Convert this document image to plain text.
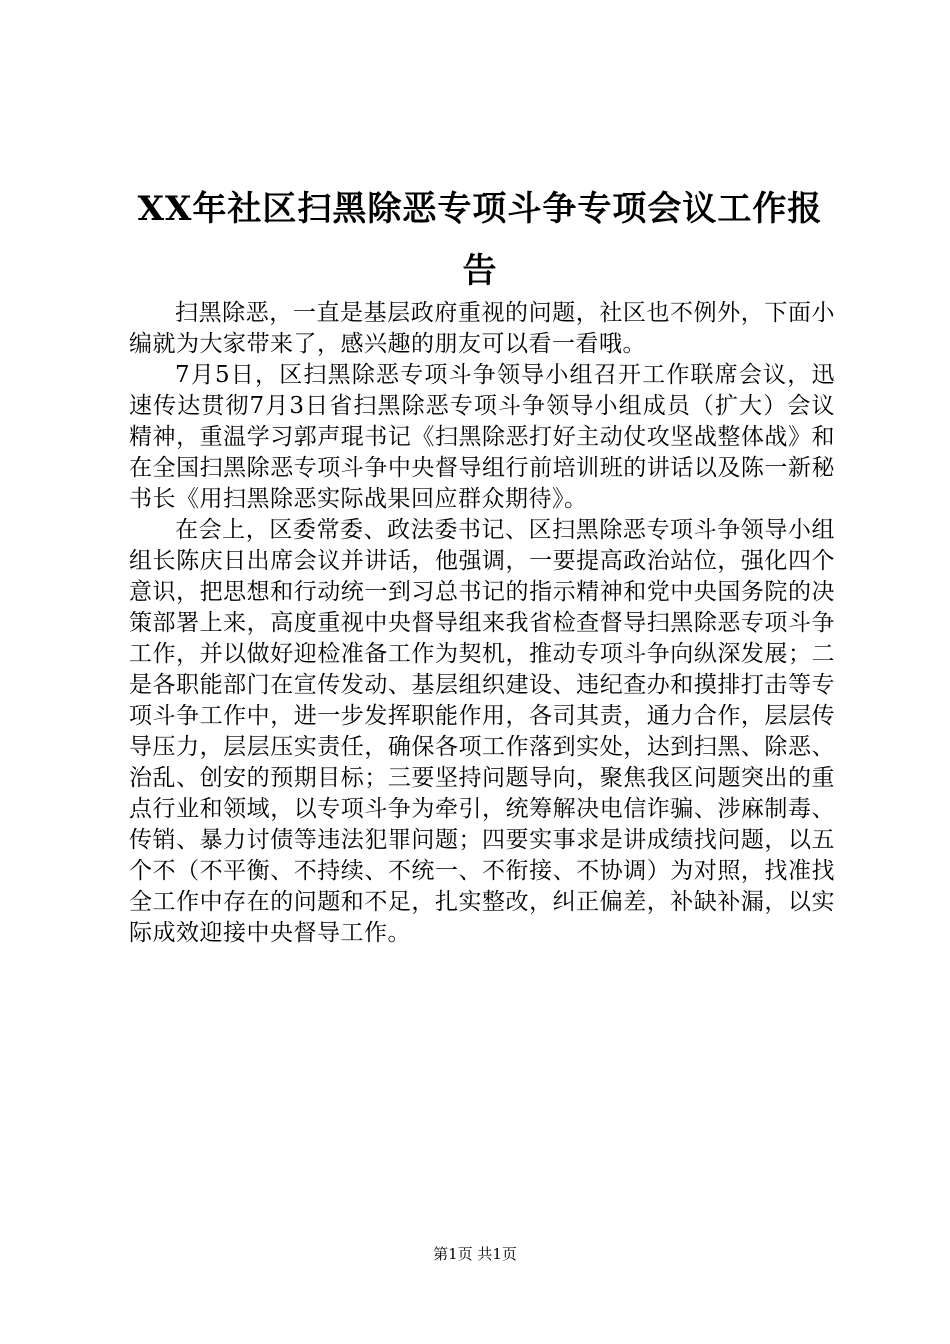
XX年社区扫黑除恶专项斗争专项会议工作报告

扫黑除恶，一直是基层政府重视的问题，社区也不例外，下面小编就为大家带来了，感兴趣的朋友可以看一看哦。

7月5日，区扫黑除恶专项斗争领导小组召开工作联席会议，迅速传达贯彻7月3日省扫黑除恶专项斗争领导小组成员（扩大）会议精神，重温学习郭声琨书记《扫黑除恶打好主动仗攻坚战整体战》和在全国扫黑除恶专项斗争中央督导组行前培训班的讲话以及陈一新秘书长《用扫黑除恶实际战果回应群众期待》。

在会上，区委常委、政法委书记、区扫黑除恶专项斗争领导小组组长陈庆日出席会议并讲话，他强调，一要提高政治站位，强化四个意识，把思想和行动统一到习总书记的指示精神和党中央国务院的决策部署上来，高度重视中央督导组来我省检查督导扫黑除恶专项斗争工作，并以做好迎检准备工作为契机，推动专项斗争向纵深发展；二是各职能部门在宣传发动、基层组织建设、违纪查办和摸排打击等专项斗争工作中，进一步发挥职能作用，各司其责，通力合作，层层传导压力，层层压实责任，确保各项工作落到实处，达到扫黑、除恶、治乱、创安的预期目标；三要坚持问题导向，聚焦我区问题突出的重点行业和领域，以专项斗争为牵引，统筹解决电信诈骗、涉麻制毒、传销、暴力讨债等违法犯罪问题；四要实事求是讲成绩找问题，以五个不（不平衡、不持续、不统一、不衔接、不协调）为对照，找准找全工作中存在的问题和不足，扎实整改，纠正偏差，补缺补漏，以实际成效迎接中央督导工作。

第1页 共1页
